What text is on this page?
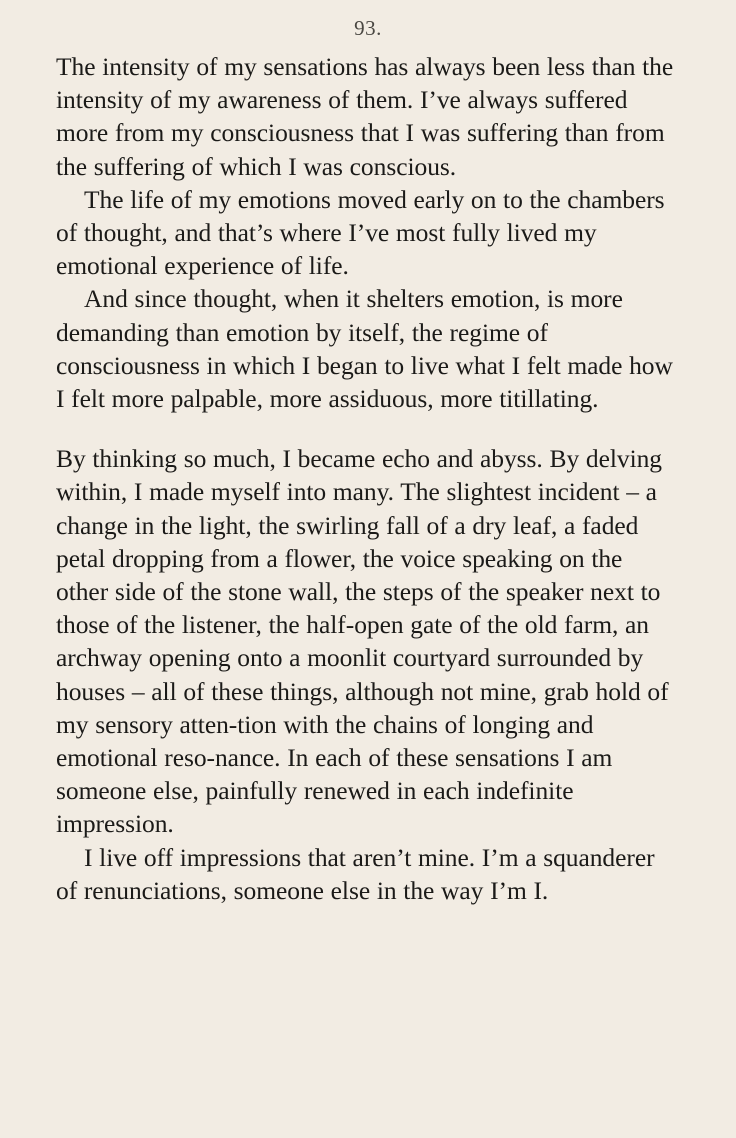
93.

The intensity of my sensations has always been less than the intensity of my awareness of them. I’ve always suffered more from my consciousness that I was suffering than from the suffering of which I was conscious.

The life of my emotions moved early on to the chambers of thought, and that’s where I’ve most fully lived my emotional experience of life.

And since thought, when it shelters emotion, is more demanding than emotion by itself, the regime of consciousness in which I began to live what I felt made how I felt more palpable, more assiduous, more titillating.

By thinking so much, I became echo and abyss. By delving within, I made myself into many. The slightest incident – a change in the light, the swirling fall of a dry leaf, a faded petal dropping from a flower, the voice speaking on the other side of the stone wall, the steps of the speaker next to those of the listener, the half-open gate of the old farm, an archway opening onto a moonlit courtyard surrounded by houses – all of these things, although not mine, grab hold of my sensory atten-tion with the chains of longing and emotional reso-nance. In each of these sensations I am someone else, painfully renewed in each indefinite impression.

I live off impressions that aren’t mine. I’m a squanderer of renunciations, someone else in the way I’m I.
